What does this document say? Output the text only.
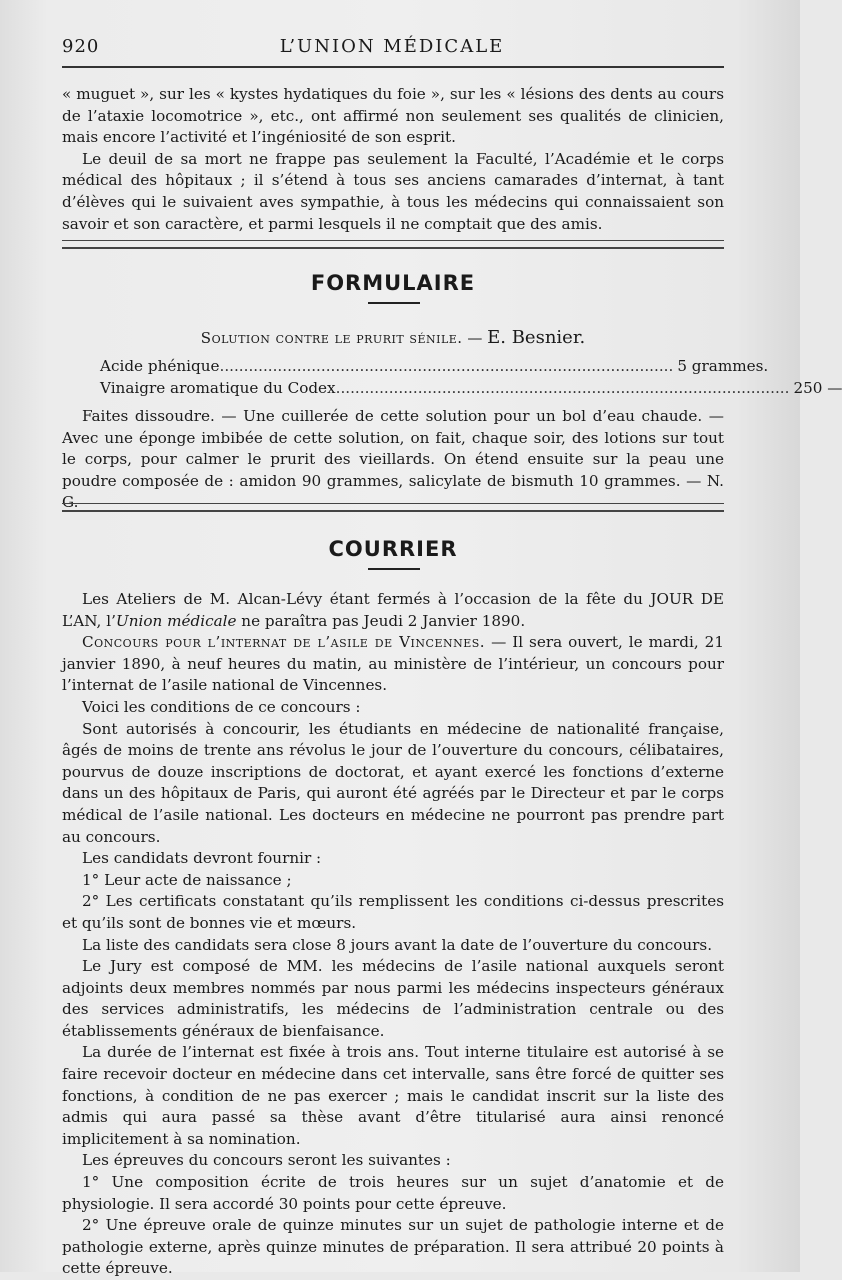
920	L’UNION MÉDICALE

« muguet », sur les « kystes hydatiques du foie », sur les « lésions des dents au cours de l’ataxie locomotrice », etc., ont affirmé non seulement ses qualités de clinicien, mais encore l’activité et l’ingéniosité de son esprit.

Le deuil de sa mort ne frappe pas seulement la Faculté, l’Académie et le corps médical des hôpitaux ; il s’étend à tous ses anciens camarades d’internat, à tant d’élèves qui le suivaient aves sympathie, à tous les médecins qui connaissaient son savoir et son caractère, et parmi lesquels il ne comptait que des amis.

FORMULAIRE
Solution contre le prurit sénile. — E. Besnier.
Acide phénique .............................................................................................. 5 grammes.
Vinaigre aromatique du Codex .............................................................................................. 250 —

Faites dissoudre. — Une cuillerée de cette solution pour un bol d’eau chaude. — Avec une éponge imbibée de cette solution, on fait, chaque soir, des lotions sur tout le corps, pour calmer le prurit des vieillards. On étend ensuite sur la peau une poudre composée de : amidon 90 grammes, salicylate de bismuth 10 grammes. — N. G.

COURRIER

Les Ateliers de M. Alcan-Lévy étant fermés à l’occasion de la fête du JOUR DE L’AN, l’Union médicale ne paraîtra pas Jeudi 2 Janvier 1890.

Concours pour l’internat de l’asile de Vincennes. — Il sera ouvert, le mardi, 21 janvier 1890, à neuf heures du matin, au ministère de l’intérieur, un concours pour l’internat de l’asile national de Vincennes.

Voici les conditions de ce concours :

Sont autorisés à concourir, les étudiants en médecine de nationalité française, âgés de moins de trente ans révolus le jour de l’ouverture du concours, célibataires, pourvus de douze inscriptions de doctorat, et ayant exercé les fonctions d’externe dans un des hôpitaux de Paris, qui auront été agréés par le Directeur et par le corps médical de l’asile national. Les docteurs en médecine ne pourront pas prendre part au concours.

Les candidats devront fournir :

1° Leur acte de naissance ;

2° Les certificats constatant qu’ils remplissent les conditions ci-dessus prescrites et qu’ils sont de bonnes vie et mœurs.

La liste des candidats sera close 8 jours avant la date de l’ouverture du concours.

Le Jury est composé de MM. les médecins de l’asile national auxquels seront adjoints deux membres nommés par nous parmi les médecins inspecteurs généraux des services administratifs, les médecins de l’administration centrale ou des établissements généraux de bienfaisance.

La durée de l’internat est fixée à trois ans. Tout interne titulaire est autorisé à se faire recevoir docteur en médecine dans cet intervalle, sans être forcé de quitter ses fonctions, à condition de ne pas exercer ; mais le candidat inscrit sur la liste des admis qui aura passé sa thèse avant d’être titularisé aura ainsi renoncé implicitement à sa nomination.

Les épreuves du concours seront les suivantes :

1° Une composition écrite de trois heures sur un sujet d’anatomie et de physiologie. Il sera accordé 30 points pour cette épreuve.

2° Une épreuve orale de quinze minutes sur un sujet de pathologie interne et de pathologie externe, après quinze minutes de préparation. Il sera attribué 20 points à cette épreuve.
